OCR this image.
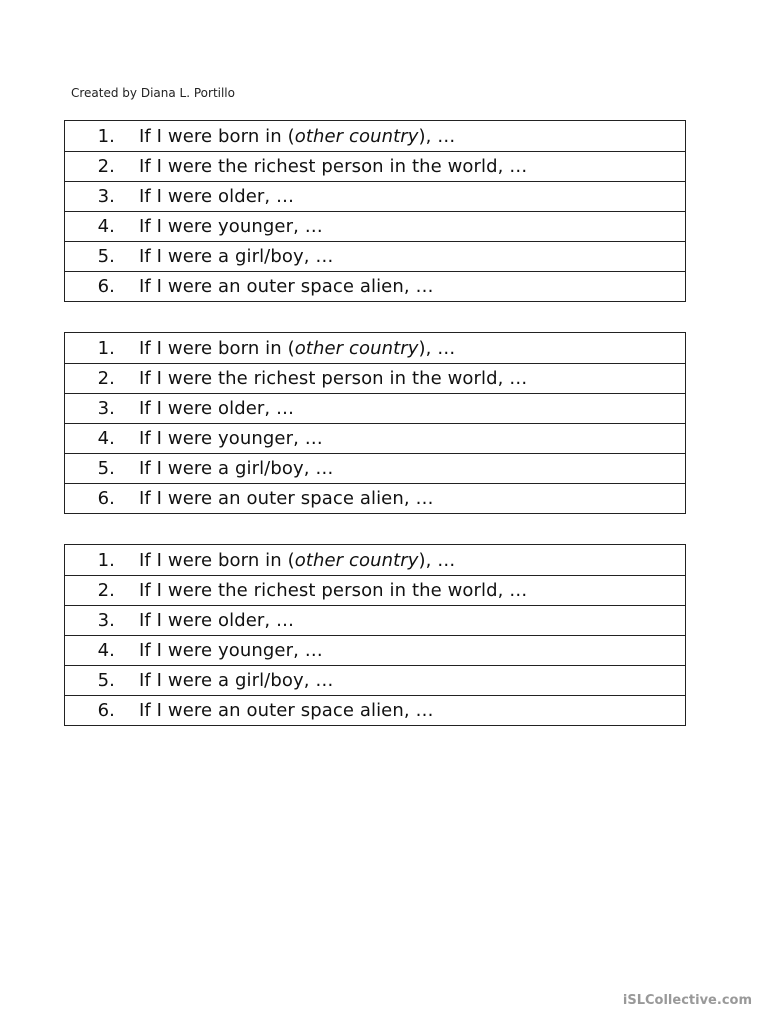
Created by Diana L. Portillo
1.	If I were born in (other country), …
2.	If I were the richest person in the world, …
3.	If I were older, …
4.	If I were younger, …
5.	If I were a girl/boy, …
6.	If I were an outer space alien, …
1.	If I were born in (other country), …
2.	If I were the richest person in the world, …
3.	If I were older, …
4.	If I were younger, …
5.	If I were a girl/boy, …
6.	If I were an outer space alien, …
1.	If I were born in (other country), …
2.	If I were the richest person in the world, …
3.	If I were older, …
4.	If I were younger, …
5.	If I were a girl/boy, …
6.	If I were an outer space alien, …
iSLCollective.com
